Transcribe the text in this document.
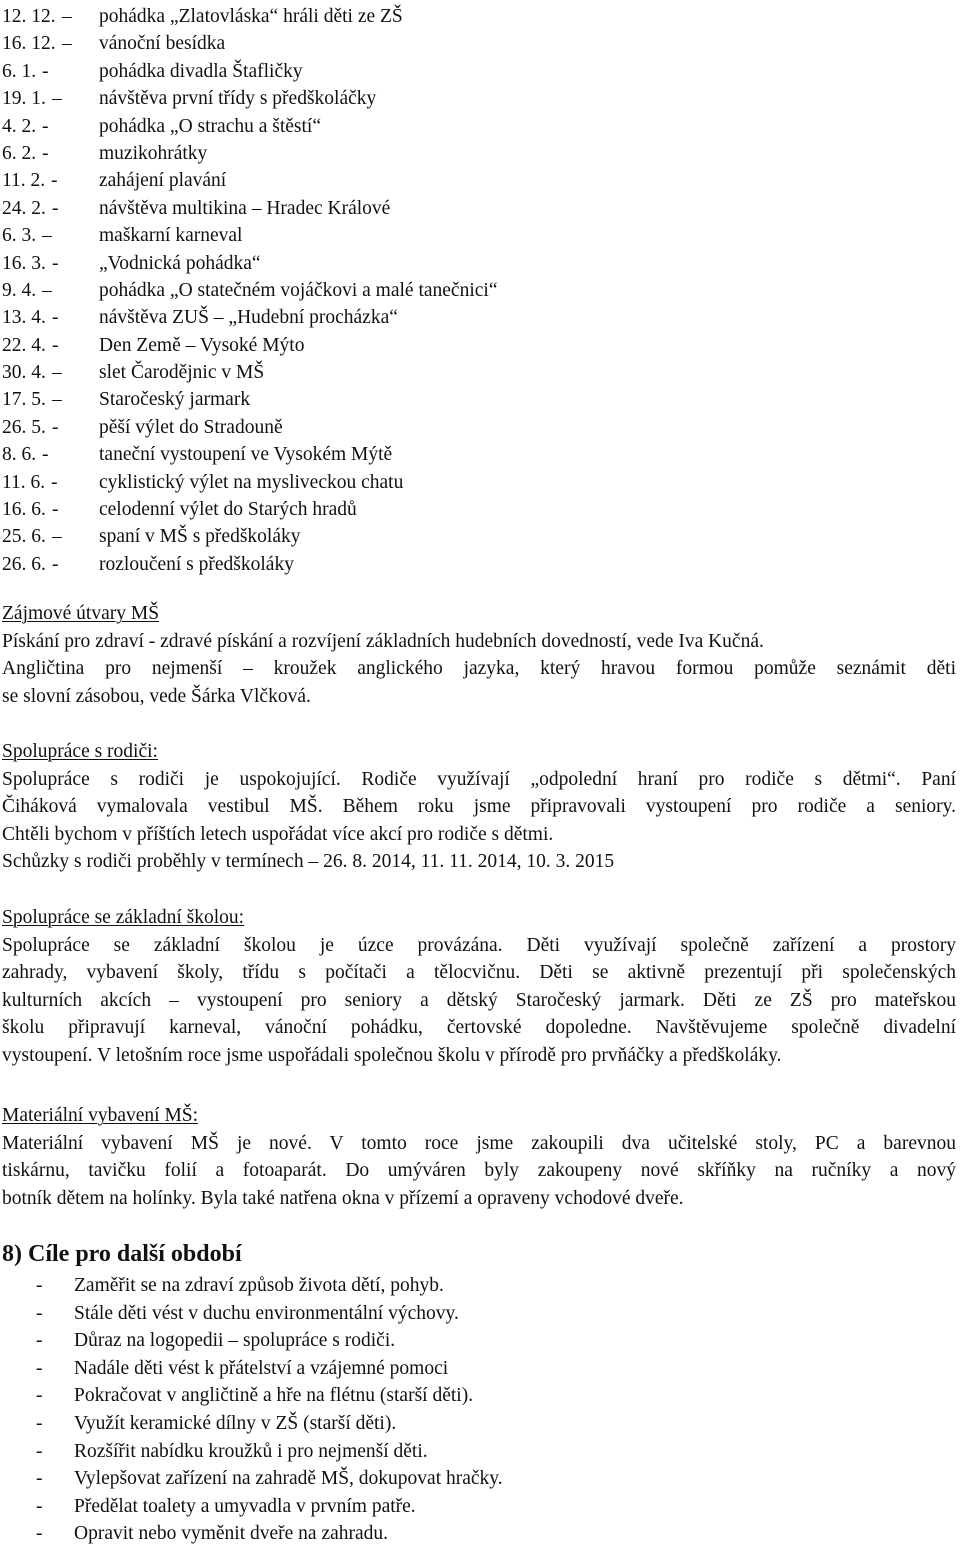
12. 12. – pohádka „Zlatovláska“ hráli děti ze ZŠ
16. 12. – vánoční besídka
6. 1. -	pohádka divadla Štafličky
19. 1. – návštěva první třídy s předškoláčky
4. 2. -	pohádka „O strachu a štěstí“
6. 2. -	muzikohrátky
11. 2. - zahájení plavání
24. 2. - návštěva multikina – Hradec Králové
6. 3. – maškarní karneval
16. 3. - „Vodnická pohádka“
9. 4. – pohádka „O statečném vojáčkovi a malé tanečnici“
13. 4. - návštěva ZUŠ – „Hudební procházka“
22. 4. - Den Země – Vysoké Mýto
30. 4. – slet Čarodějnic v MŠ
17. 5. – Staročeský jarmark
26. 5. - pěší výlet do Stradouně
8. 6. -	taneční vystoupení ve Vysokém Mýtě
11. 6. - cyklistický výlet na mysliveckou chatu
16. 6. - celodenní výlet do Starých hradů
25. 6. – spaní v MŠ s předškoláky
26. 6. - rozloučení s předškoláky
Zájmové útvary MŠ
Pískání pro zdraví - zdravé pískání a rozvíjení základních hudebních dovedností, vede Iva Kučná.
Angličtina pro nejmenší – kroužek anglického jazyka, který hravou formou pomůže seznámit děti
se slovní zásobou, vede Šárka Vlčková.
Spolupráce s rodiči:
Spolupráce s rodiči je uspokojující. Rodiče využívají „odpolední hraní pro rodiče s dětmi“. Paní
Čiháková vymalovala vestibul MŠ. Během roku jsme připravovali vystoupení pro rodiče a seniory.
Chtěli bychom v příštích letech uspořádat více akcí pro rodiče s dětmi.
Schůzky s rodiči proběhly v termínech – 26. 8. 2014, 11. 11. 2014, 10. 3. 2015
Spolupráce se základní školou:
Spolupráce se základní školou je úzce provázána. Děti využívají společně zařízení a prostory
zahrady, vybavení školy, třídu s počítači a tělocvičnu. Děti se aktivně prezentují při společenských
kulturních akcích – vystoupení pro seniory a dětský Staročeský jarmark. Děti ze ZŠ pro mateřskou
školu připravují karneval, vánoční pohádku, čertovské dopoledne. Navštěvujeme společně divadelní
vystoupení. V letošním roce jsme uspořádali společnou školu v přírodě pro prvňáčky a předškoláky.
Materiální vybavení MŠ:
Materiální vybavení MŠ je nové. V tomto roce jsme zakoupili dva učitelské stoly, PC a barevnou
tiskárnu, tavičku folií a fotoaparát. Do umýváren byly zakoupeny nové skříňky na ručníky a nový
botník dětem na holínky. Byla také natřena okna v přízemí a opraveny vchodové dveře.
8) Cíle pro další období
- Zaměřit se na zdraví způsob života dětí, pohyb.
- Stále děti vést v duchu environmentální výchovy.
- Důraz na logopedii – spolupráce s rodiči.
- Nadále děti vést k přátelství a vzájemné pomoci
- Pokračovat v angličtině a hře na flétnu (starší děti).
- Využít keramické dílny v ZŠ (starší děti).
- Rozšířit nabídku kroužků i pro nejmenší děti.
- Vylepšovat zařízení na zahradě MŠ, dokupovat hračky.
- Předělat toalety a umyvadla v prvním patře.
- Opravit nebo vyměnit dveře na zahradu.
